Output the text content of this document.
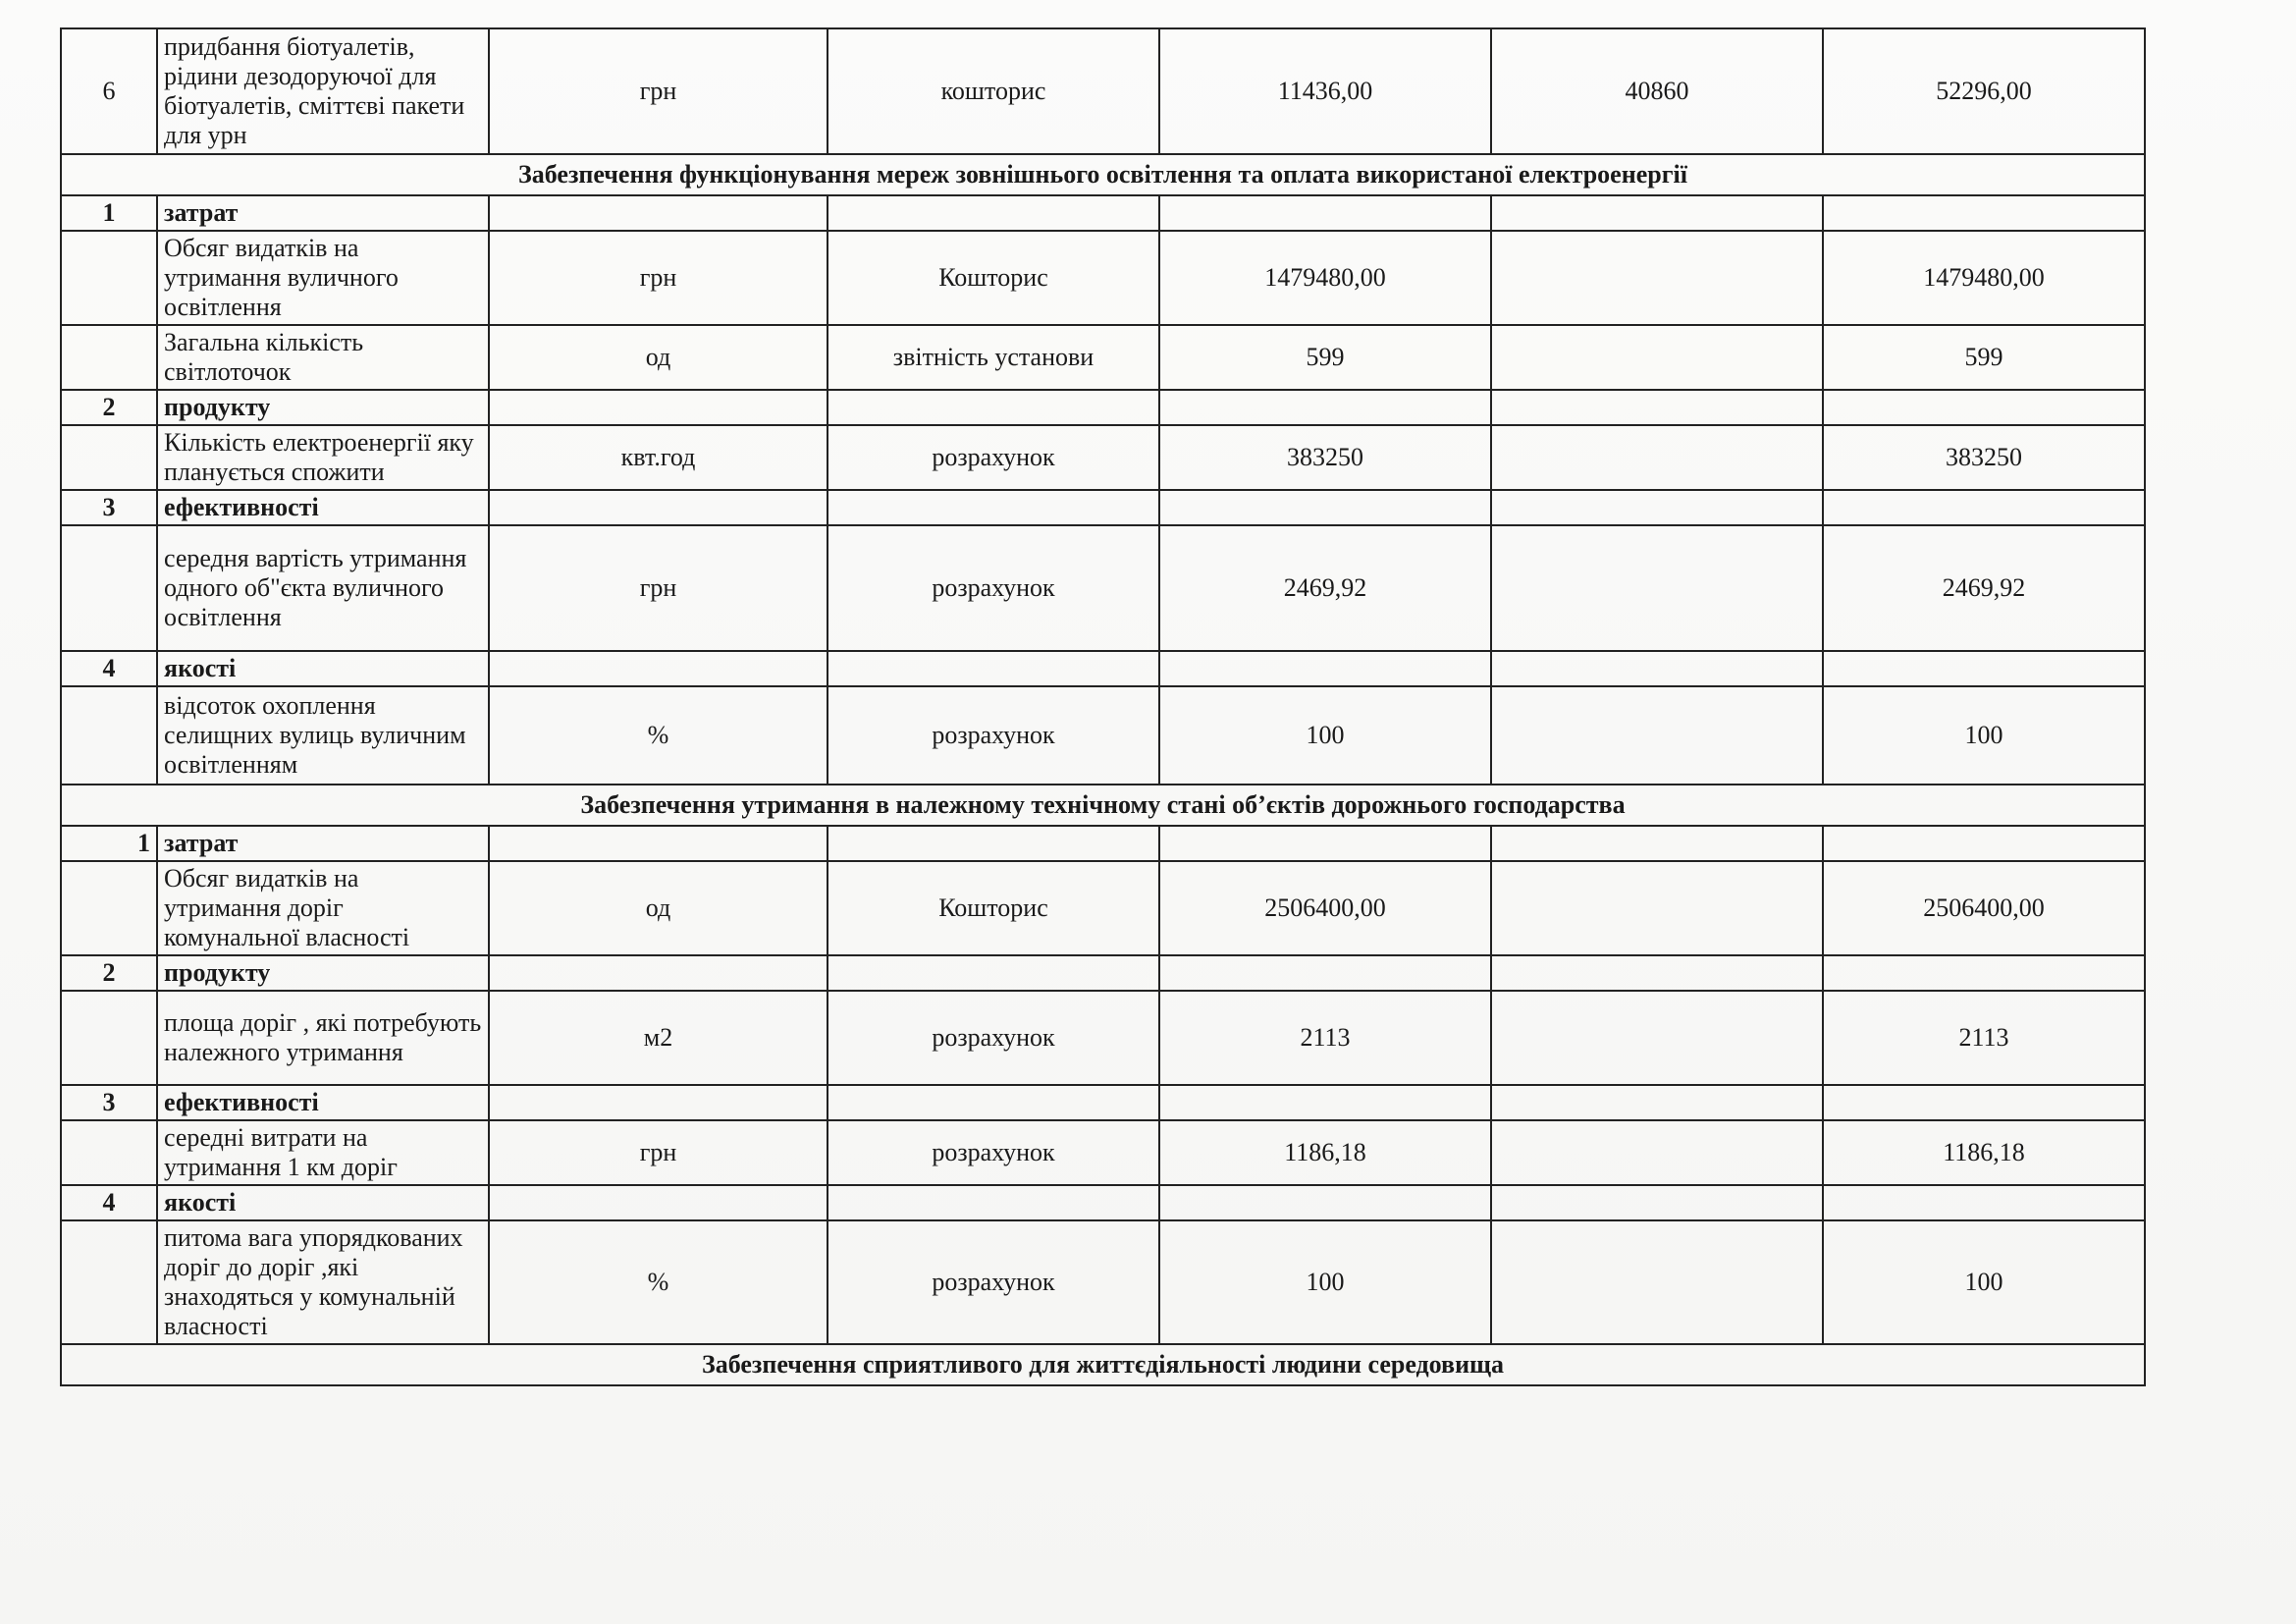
6	придбання біотуалетів, рідини дезодоруючої для біотуалетів, сміттєві пакети для урн	грн	кошторис	11436,00	40860	52296,00
Забезпечення функціонування мереж зовнішнього освітлення та оплата використаної електроенергії						
1	затрат					
	Обсяг видатків на утримання вуличного освітлення	грн	Кошторис	1479480,00		1479480,00
	Загальна кількість світлоточок	од	звітність установи	599		599
2	продукту					
	Кількість електроенергії яку планується спожити	квт.год	розрахунок	383250		383250
3	ефективності					
	середня вартість утримання одного об"єкта вуличного освітлення	грн	розрахунок	2469,92		2469,92
4	якості					
	відсоток охоплення селищних вулиць вуличним освітленням	%	розрахунок	100		100
Забезпечення утримання в належному технічному стані об’єктів дорожнього господарства						
1	затрат					
	Обсяг видатків на утримання доріг комунальної власності	од	Кошторис	2506400,00		2506400,00
2	продукту					
	площа доріг , які потребують належного утримання	м2	розрахунок	2113		2113
3	ефективності					
	середні витрати на утримання 1 км доріг	грн	розрахунок	1186,18		1186,18
4	якості					
	питома вага упорядкованих доріг до доріг ,які знаходяться у комунальній власності	%	розрахунок	100		100
Забезпечення сприятливого для життєдіяльності людини середовища						
